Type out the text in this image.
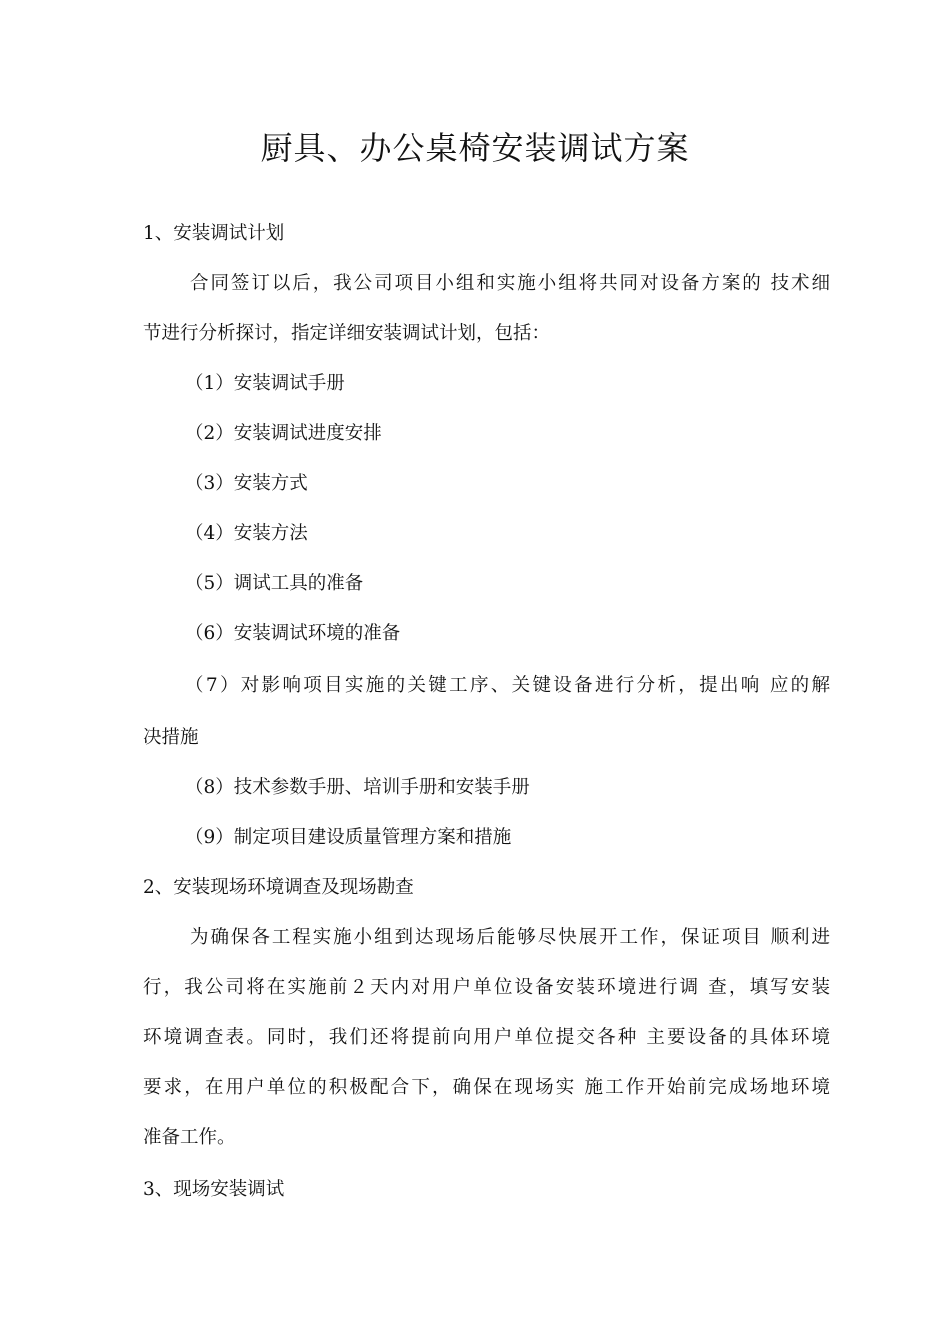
厨具、办公桌椅安装调试方案

1、安装调试计划

合同签订以后，我公司项目小组和实施小组将共同对设备方案的 技术细

节进行分析探讨，指定详细安装调试计划，包括：

（1）安装调试手册

（2）安装调试进度安排

（3）安装方式

（4）安装方法

（5）调试工具的准备

（6）安装调试环境的准备

（7）对影响项目实施的关键工序、关键设备进行分析，提出响 应的解

决措施

（8）技术参数手册、培训手册和安装手册

（9）制定项目建设质量管理方案和措施

2、安装现场环境调查及现场勘查

为确保各工程实施小组到达现场后能够尽快展开工作，保证项目 顺利进

行，我公司将在实施前２天内对用户单位设备安装环境进行调 查，填写安装

环境调查表。同时，我们还将提前向用户单位提交各种 主要设备的具体环境

要求，在用户单位的积极配合下，确保在现场实 施工作开始前完成场地环境

准备工作。

3、现场安装调试
